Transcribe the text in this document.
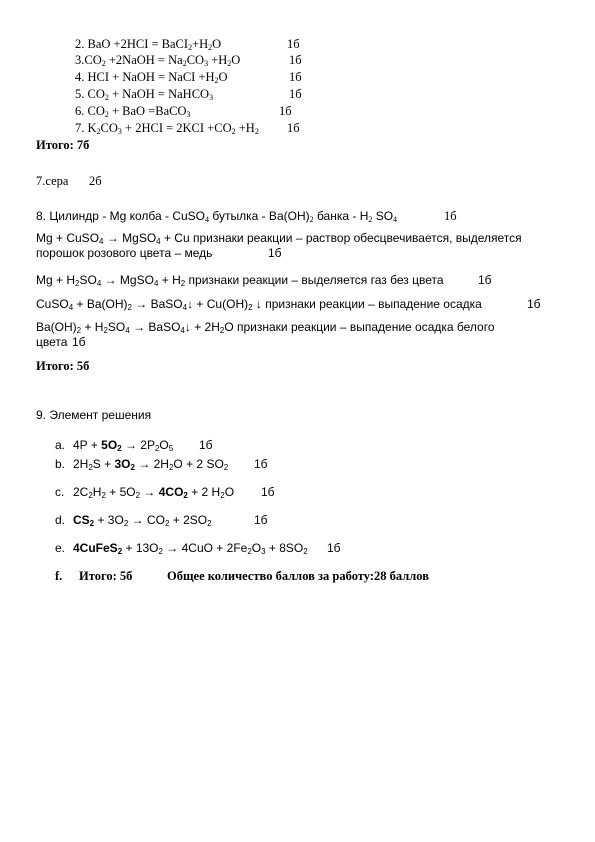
2. BaO $+2HCI = BaCI_2+H_2O$	1б
$3.CO_2$ +2NaOH = $Na_2CO_3 +H_2O$	1б
4. HCI + NaOH = NaCI $+H_2O$	1б
5. $CO_2$ + NaOH = NaHCO$_3$	1б
6. $CO_2$ + BaO =BaCO$_3$	1б
7. $K_2CO_3 + 2HCI = 2KCI +CO_2 +H_2$ 1б
Итого: 7б
7.сера 2б
8. Цилиндр - Mg колба - CuSO$_4$ бутылка - $Ba(OH)_2$ банка - $H_2$ $SO_4$	1б
Mg + CuSO$_4$ → MgSO$_4$ + Cu признаки реакции – раствор обесцвечивается, выделяется
порошок розового цвета – медь	1б
$Mg + H_2SO_4$ → MgSO$_4$ + $H_2$ признаки реакции – выделяется газ без цвета	1б
CuSO$_4$ + $Ba(OH)_2$ → BaSO$_4$↓ + $Cu(OH)_2$ ↓ признаки реакции – выпадение осадка	1б
$Ba(OH)_2 + H_2SO_4$ → BaSO$_4$↓ + $2H_2O$ признаки реакции – выпадение осадка белого
цвета 1б
Итого: 5б
9. Элемент решения
a. $4P + 5O_2 \to 2P_2O_5$ 1б
b. $2H_2S + 3O_2 \to 2H_2O + 2$ $SO_2$ 1б
c. $2C_2H_2 + 5O_2 \to 4CO_2 + 2$ $H_2O$ 1б
d. $CS_2 + 3O_2 \to CO_2 + 2SO_2$	1б
e. 4CuFeS$_2$ + $13O_2 \to 4CuO + 2Fe_2O_3 + 8SO_2$ 1б
f. Итого: 5б	Общее количество баллов за работу:28 баллов
